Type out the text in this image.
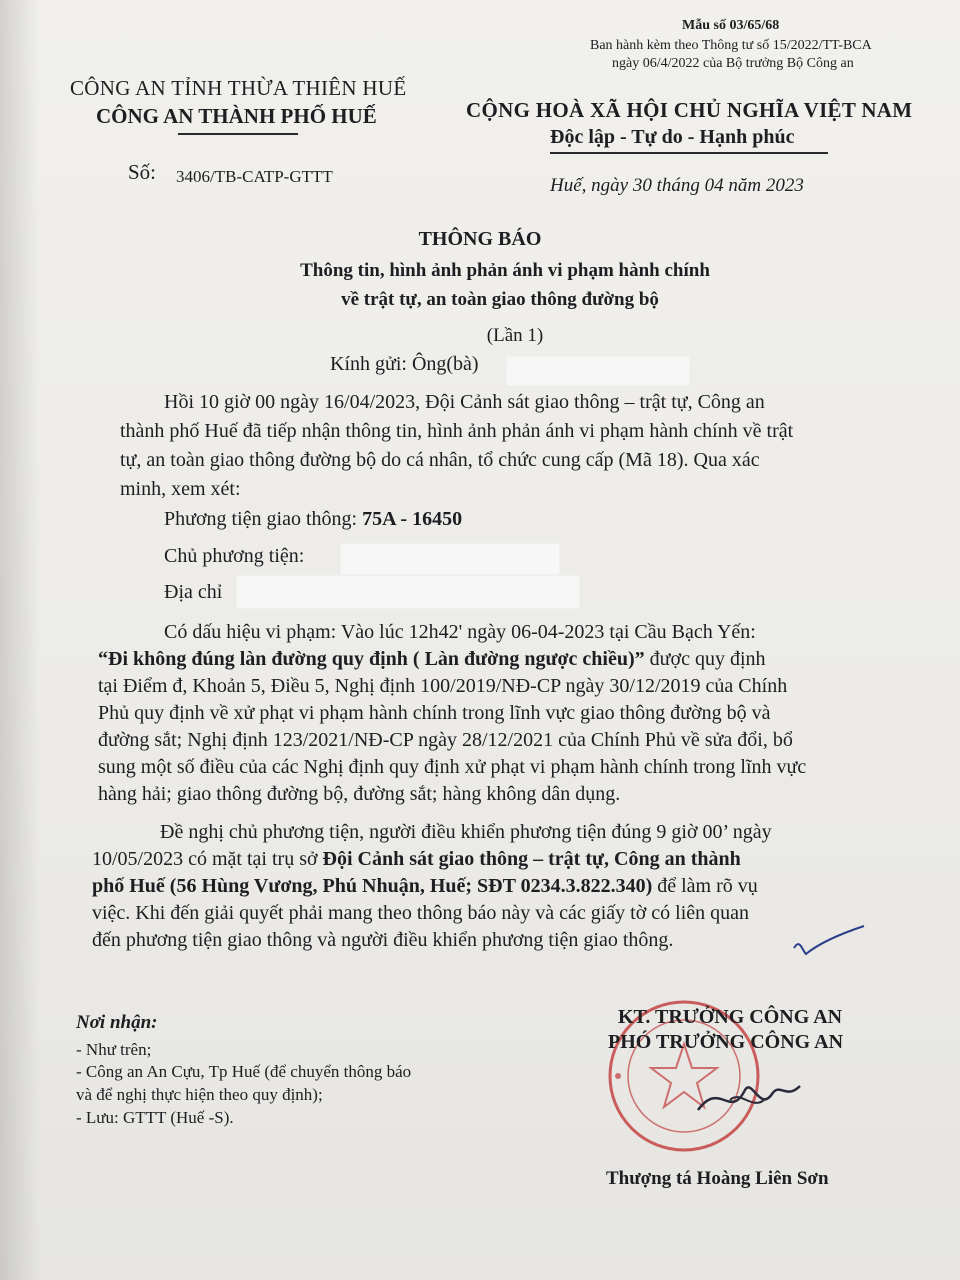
Mẫu số 03/65/68
Ban hành kèm theo Thông tư số 15/2022/TT-BCA
ngày 06/4/2022 của Bộ trưởng Bộ Công an
CÔNG AN TỈNH THỪA THIÊN HUẾ
CÔNG AN THÀNH PHỐ HUẾ	CỘNG HOÀ XÃ HỘI CHỦ NGHĨA VIỆT NAM
Độc lập - Tự do - Hạnh phúc
Số: 3406/TB-CATP-GTTT	Huế, ngày 30 tháng 04 năm 2023
THÔNG BÁO
Thông tin, hình ảnh phản ánh vi phạm hành chính
về trật tự, an toàn giao thông đường bộ
(Lần 1)
Kính gửi: Ông(bà)
Hồi 10 giờ 00 ngày 16/04/2023, Đội Cảnh sát giao thông – trật tự, Công an
thành phố Huế đã tiếp nhận thông tin, hình ảnh phản ánh vi phạm hành chính về trật
tự, an toàn giao thông đường bộ do cá nhân, tổ chức cung cấp (Mã 18). Qua xác
minh, xem xét:
Phương tiện giao thông: 75A - 16450
Chủ phương tiện:
Địa chỉ
Có dấu hiệu vi phạm: Vào lúc 12h42' ngày 06-04-2023 tại Cầu Bạch Yến:
“Đi không đúng làn đường quy định ( Làn đường ngược chiều)” được quy định
tại Điểm đ, Khoản 5, Điều 5, Nghị định 100/2019/NĐ-CP ngày 30/12/2019 của Chính
Phủ quy định về xử phạt vi phạm hành chính trong lĩnh vực giao thông đường bộ và
đường sắt; Nghị định 123/2021/NĐ-CP ngày 28/12/2021 của Chính Phủ về sửa đổi, bổ
sung một số điều của các Nghị định quy định xử phạt vi phạm hành chính trong lĩnh vực
hàng hải; giao thông đường bộ, đường sắt; hàng không dân dụng.
Đề nghị chủ phương tiện, người điều khiển phương tiện đúng 9 giờ 00’ ngày
10/05/2023 có mặt tại trụ sở Đội Cảnh sát giao thông – trật tự, Công an thành
phố Huế (56 Hùng Vương, Phú Nhuận, Huế; SĐT 0234.3.822.340) để làm rõ vụ
việc. Khi đến giải quyết phải mang theo thông báo này và các giấy tờ có liên quan
đến phương tiện giao thông và người điều khiển phương tiện giao thông.
Nơi nhận:
- Như trên;
- Công an An Cựu, Tp Huế (để chuyển thông báo
và để nghị thực hiện theo quy định);
- Lưu: GTTT (Huế -S).
KT. TRƯỞNG CÔNG AN
PHÓ TRƯỞNG CÔNG AN
Thượng tá Hoàng Liên Sơn
